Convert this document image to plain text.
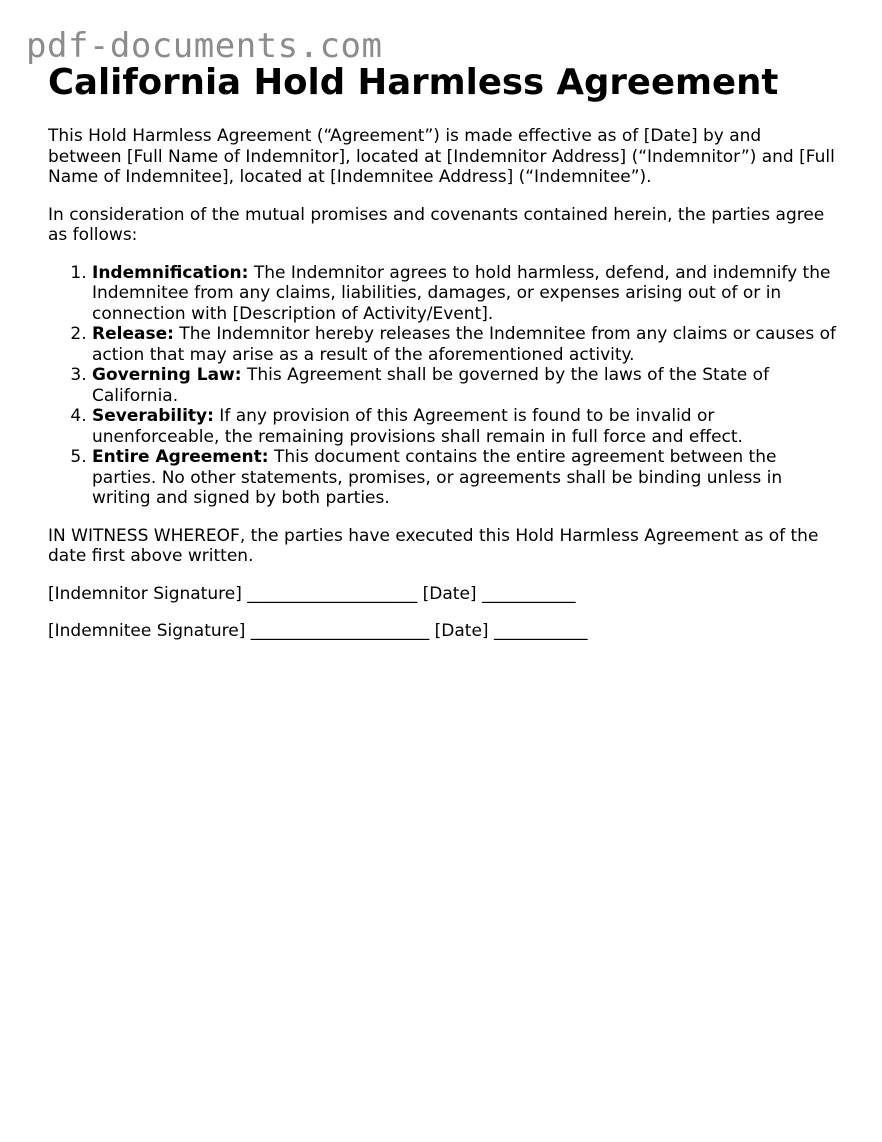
pdf-documents.com
California Hold Harmless Agreement

This Hold Harmless Agreement (“Agreement”) is made effective as of [Date] by and between [Full Name of Indemnitor], located at [Indemnitor Address] (“Indemnitor”) and [Full Name of Indemnitee], located at [Indemnitee Address] (“Indemnitee”).

In consideration of the mutual promises and covenants contained herein, the parties agree as follows:

1. Indemnification: The Indemnitor agrees to hold harmless, defend, and indemnify the Indemnitee from any claims, liabilities, damages, or expenses arising out of or in connection with [Description of Activity/Event].
2. Release: The Indemnitor hereby releases the Indemnitee from any claims or causes of action that may arise as a result of the aforementioned activity.
3. Governing Law: This Agreement shall be governed by the laws of the State of California.
4. Severability: If any provision of this Agreement is found to be invalid or unenforceable, the remaining provisions shall remain in full force and effect.
5. Entire Agreement: This document contains the entire agreement between the parties. No other statements, promises, or agreements shall be binding unless in writing and signed by both parties.

IN WITNESS WHEREOF, the parties have executed this Hold Harmless Agreement as of the date first above written.

[Indemnitor Signature] ____________________ [Date] ___________

[Indemnitee Signature] _____________________ [Date] ___________
